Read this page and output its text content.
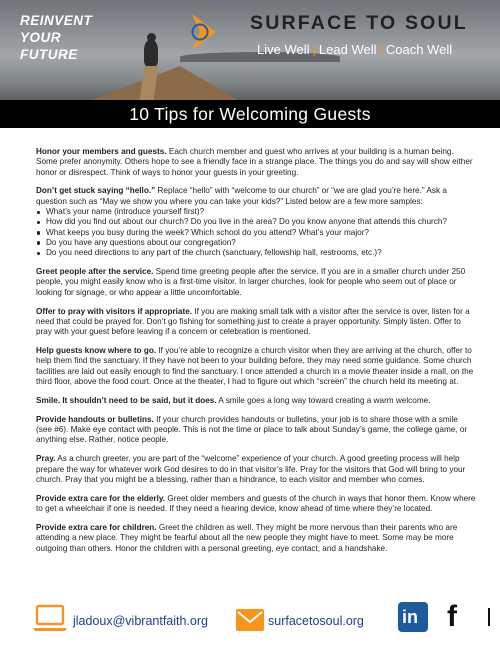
REINVENT
YOUR
FUTURE
SURFACE TO SOUL
Live Well | Lead Well | Coach Well
10 Tips for Welcoming Guests

Honor your members and guests. Each church member and guest who arrives at your building is a human being. Some prefer anonymity. Others hope to see a friendly face in a strange place. The things you do and say will show either honor or disrespect. Think of ways to honor your guests in your greeting.

Don’t get stuck saying “hello.” Replace “hello” with “welcome to our church” or “we are glad you’re here.” Ask a question such as “May we show you where you can take your kids?” Listed below are a few more samples:

What’s your name (introduce yourself first)?
How did you find out about our church? Do you live in the area? Do you know anyone that attends this church?
What keeps you busy during the week? Which school do you attend? What’s your major?
Do you have any questions about our congregation?
Do you need directions to any part of the church (sanctuary, fellowship hall, restrooms, etc.)?

Greet people after the service. Spend time greeting people after the service. If you are in a smaller church under 250 people, you might easily know who is a first-time visitor. In larger churches, look for people who seem out of place or looking for signage, or who appear a little uncomfortable.

Offer to pray with visitors if appropriate. If you are making small talk with a visitor after the service is over, listen for a need that could be prayed for. Don’t go fishing for something just to create a prayer opportunity. Simply listen. Offer to pray with your guest before leaving if a concern or celebration is mentioned.

Help guests know where to go. If you’re able to recognize a church visitor when they are arriving at the church, offer to help them find the sanctuary. If they have not been to your building before, they may need some guidance. Some church facilities are laid out easily enough to find the sanctuary. I once attended a church in a movie theater inside a mall, on the third floor, above the food court. Once at the theater, I had to figure out which “screen” the church held its meeting at.

Smile. It shouldn’t need to be said, but it does. A smile goes a long way toward creating a warm welcome.

Provide handouts or bulletins. If your church provides handouts or bulletins, your job is to share those with a smile (see #6). Make eye contact with people. This is not the time or place to talk about Sunday’s game, the college game, or anything else. Rather, notice people.

Pray. As a church greeter, you are part of the “welcome” experience of your church. A good greeting process will help prepare the way for whatever work God desires to do in that visitor’s life. Pray for the visitors that God will bring to your church. Pray that you might be a blessing, rather than a hindrance, to each visitor and member who comes.

Provide extra care for the elderly. Greet older members and guests of the church in ways that honor them. Know where to get a wheelchair if one is needed. If they need a hearing device, know ahead of time where they’re located.

Provide extra care for children. Greet the children as well. They might be more nervous than their parents who are attending a new place. They might be fearful about all the new people they might have to meet. Some may be more outgoing than others. Honor the children with a personal greeting, eye contact, and a handshake.

jladoux@vibrantfaith.org	surfacetosoul.org in f
